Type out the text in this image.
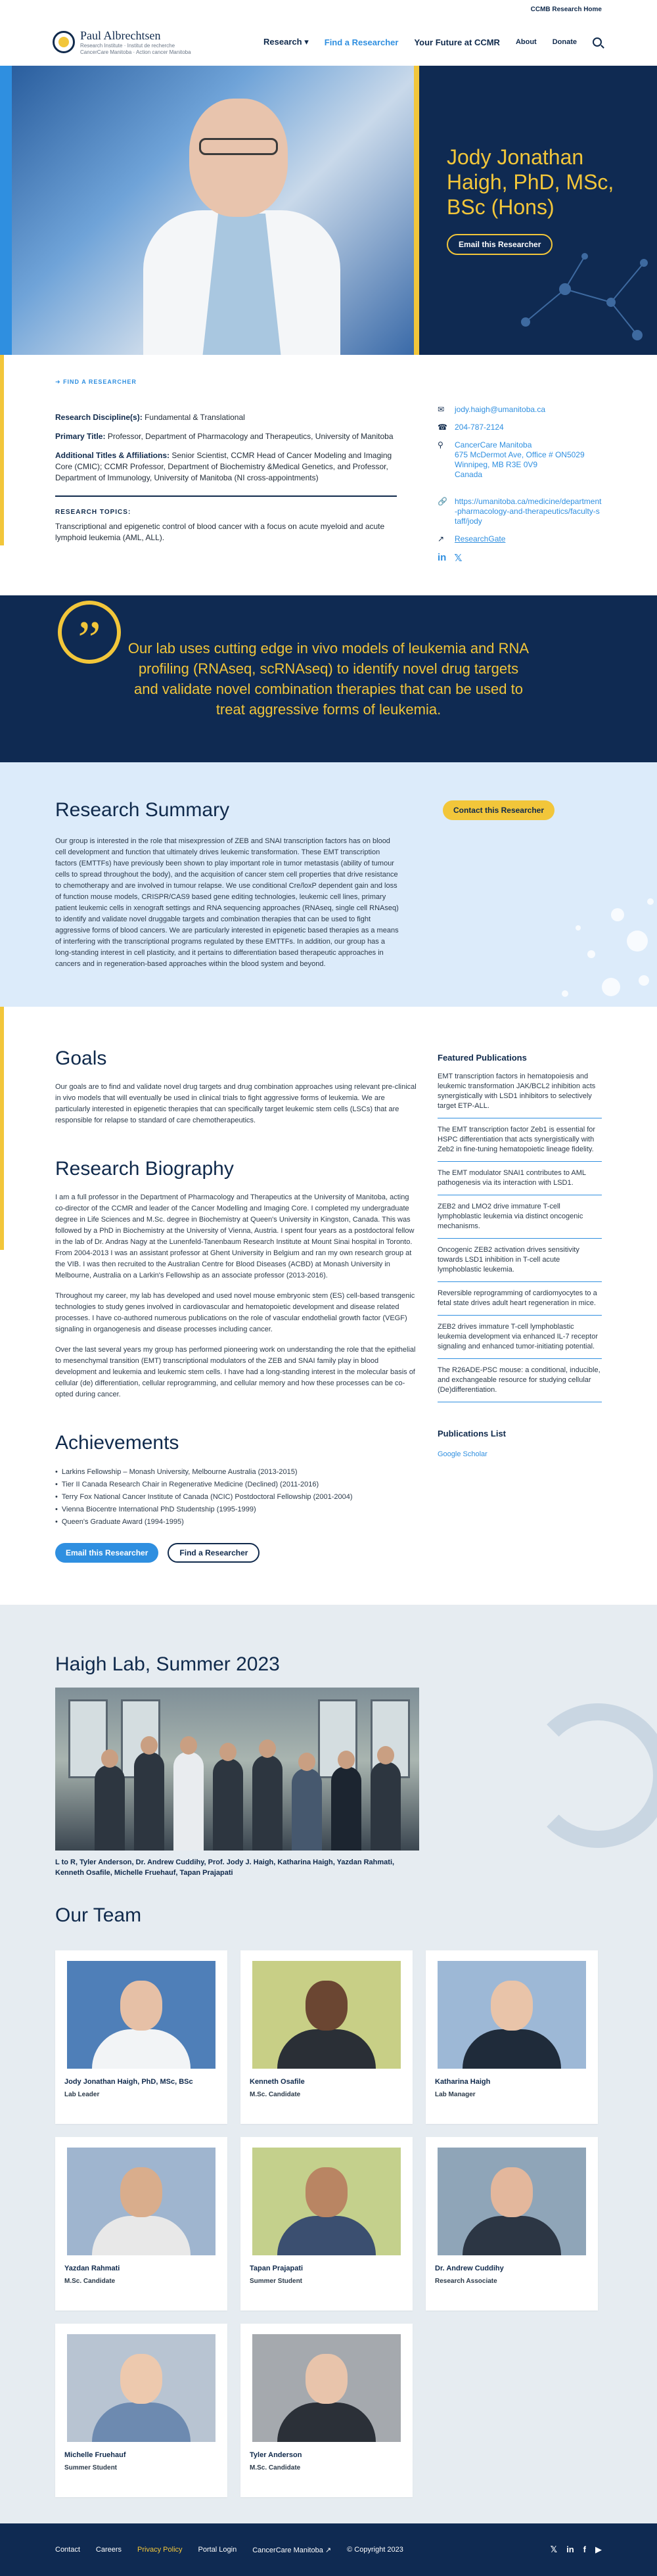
CCMB Research Home
Paul Albrechtsen
Research Institute · Institut de recherche
CancerCare Manitoba · Action cancer Manitoba
Research ▾ Find a Researcher Your Future at CCMR About Donate
Jody Jonathan Haigh, PhD, MSc, BSc (Hons)
Email this Researcher
➜ FIND A RESEARCHER

Research Discipline(s): Fundamental & Translational

Primary Title: Professor, Department of Pharmacology and Therapeutics, University of Manitoba

Additional Titles & Affiliations: Senior Scientist, CCMR Head of Cancer Modeling and Imaging Core (CMIC); CCMR Professor, Department of Biochemistry &Medical Genetics, and Professor, Department of Immunology, University of Manitoba (NI cross-appointments)

RESEARCH TOPICS:

Transcriptional and epigenetic control of blood cancer with a focus on acute myeloid and acute lymphoid leukemia (AML, ALL).

✉	jody.haigh@umanitoba.ca
☎ 204-787-2124
⚲	CancerCare Manitoba
675 McDermot Ave, Office # ON5029
Winnipeg, MB R3E 0V9
Canada
🔗 https://umanitoba.ca/medicine/department-pharmacology-and-therapeutics/faculty-staff/jody
↗	ResearchGate
in 𝕏
”	Our lab uses cutting edge in vivo models of leukemia and RNA profiling (RNAseq, scRNAseq) to identify novel drug targets and validate novel combination therapies that can be used to treat aggressive forms of leukemia.

Research Summary	Contact this Researcher

Our group is interested in the role that misexpression of ZEB and SNAI transcription factors has on blood cell development and function that ultimately drives leukemic transformation. These EMT transcription factors (EMTTFs) have previously been shown to play important role in tumor metastasis (ability of tumour cells to spread throughout the body), and the acquisition of cancer stem cell properties that drive resistance to chemotherapy and are involved in tumour relapse. We use conditional Cre/loxP dependent gain and loss of function mouse models, CRISPR/CAS9 based gene editing technologies, leukemic cell lines, primary patient leukemic cells in xenograft settings and RNA sequencing approaches (RNAseq, single cell RNAseq) to identify and validate novel druggable targets and combination therapies that can be used to fight aggressive forms of blood cancers. We are particularly interested in epigenetic based therapies as a means of interfering with the transcriptional programs regulated by these EMTTFs. In addition, our group has a long-standing interest in cell plasticity, and it pertains to differentiation based therapeutic approaches in cancers and in regeneration-based approaches within the blood system and beyond.

Goals

Our goals are to find and validate novel drug targets and drug combination approaches using relevant pre-clinical in vivo models that will eventually be used in clinical trials to fight aggressive forms of leukemia. We are particularly interested in epigenetic therapies that can specifically target leukemic stem cells (LSCs) that are responsible for relapse to standard of care chemotherapeutics.

Research Biography

I am a full professor in the Department of Pharmacology and Therapeutics at the University of Manitoba, acting co-director of the CCMR and leader of the Cancer Modelling and Imaging Core. I completed my undergraduate degree in Life Sciences and M.Sc. degree in Biochemistry at Queen's University in Kingston, Canada. This was followed by a PhD in Biochemistry at the University of Vienna, Austria. I spent four years as a postdoctoral fellow in the lab of Dr. Andras Nagy at the Lunenfeld-Tanenbaum Research Institute at Mount Sinai hospital in Toronto. From 2004-2013 I was an assistant professor at Ghent University in Belgium and ran my own research group at the VIB. I was then recruited to the Australian Centre for Blood Diseases (ACBD) at Monash University in Melbourne, Australia on a Larkin's Fellowship as an associate professor (2013-2016).

Throughout my career, my lab has developed and used novel mouse embryonic stem (ES) cell-based transgenic technologies to study genes involved in cardiovascular and hematopoietic development and disease related processes. I have co-authored numerous publications on the role of vascular endothelial growth factor (VEGF) signaling in organogenesis and disease processes including cancer.

Over the last several years my group has performed pioneering work on understanding the role that the epithelial to mesenchymal transition (EMT) transcriptional modulators of the ZEB and SNAI family play in blood development and leukemia and leukemic stem cells. I have had a long-standing interest in the molecular basis of cellular (de) differentiation, cellular reprogramming, and cellular memory and how these processes can be co-opted during cancer.

Achievements
• Larkins Fellowship – Monash University, Melbourne Australia (2013-2015)
• Tier II Canada Research Chair in Regenerative Medicine (Declined) (2011-2016)
• Terry Fox National Cancer Institute of Canada (NCIC) Postdoctoral Fellowship (2001-2004)
• Vienna Biocentre International PhD Studentship (1995-1999)
• Queen's Graduate Award (1994-1995)
Email this Researcher	Find a Researcher
Featured Publications
EMT transcription factors in hematopoiesis and leukemic transformation JAK/BCL2 inhibition acts synergistically with LSD1 inhibitors to selectively target ETP-ALL.
The EMT transcription factor Zeb1 is essential for HSPC differentiation that acts synergistically with Zeb2 in fine-tuning hematopoietic lineage fidelity.
The EMT modulator SNAI1 contributes to AML pathogenesis via its interaction with LSD1.
ZEB2 and LMO2 drive immature T-cell lymphoblastic leukemia via distinct oncogenic mechanisms.
Oncogenic ZEB2 activation drives sensitivity towards LSD1 inhibition in T-cell acute lymphoblastic leukemia.
Reversible reprogramming of cardiomyocytes to a fetal state drives adult heart regeneration in mice.
ZEB2 drives immature T-cell lymphoblastic leukemia development via enhanced IL-7 receptor signaling and enhanced tumor-initiating potential.
The R26ADE-PSC mouse: a conditional, inducible, and exchangeable resource for studying cellular (De)differentiation.
Publications List
Google Scholar
Haigh Lab, Summer 2023

L to R, Tyler Anderson, Dr. Andrew Cuddihy, Prof. Jody J. Haigh, Katharina Haigh, Yazdan Rahmati, Kenneth Osafile, Michelle Fruehauf, Tapan Prajapati

Our Team
Jody Jonathan Haigh, PhD, MSc, BSc
Lab Leader
Kenneth Osafile
M.Sc. Candidate
Katharina Haigh
Lab Manager
Yazdan Rahmati
M.Sc. Candidate
Tapan Prajapati
Summer Student
Dr. Andrew Cuddihy
Research Associate
Michelle Fruehauf
Summer Student
Tyler Anderson
M.Sc. Candidate
Contact Careers Privacy Policy Portal Login CancerCare Manitoba ↗ © Copyright 2023	𝕏 in f ▶
